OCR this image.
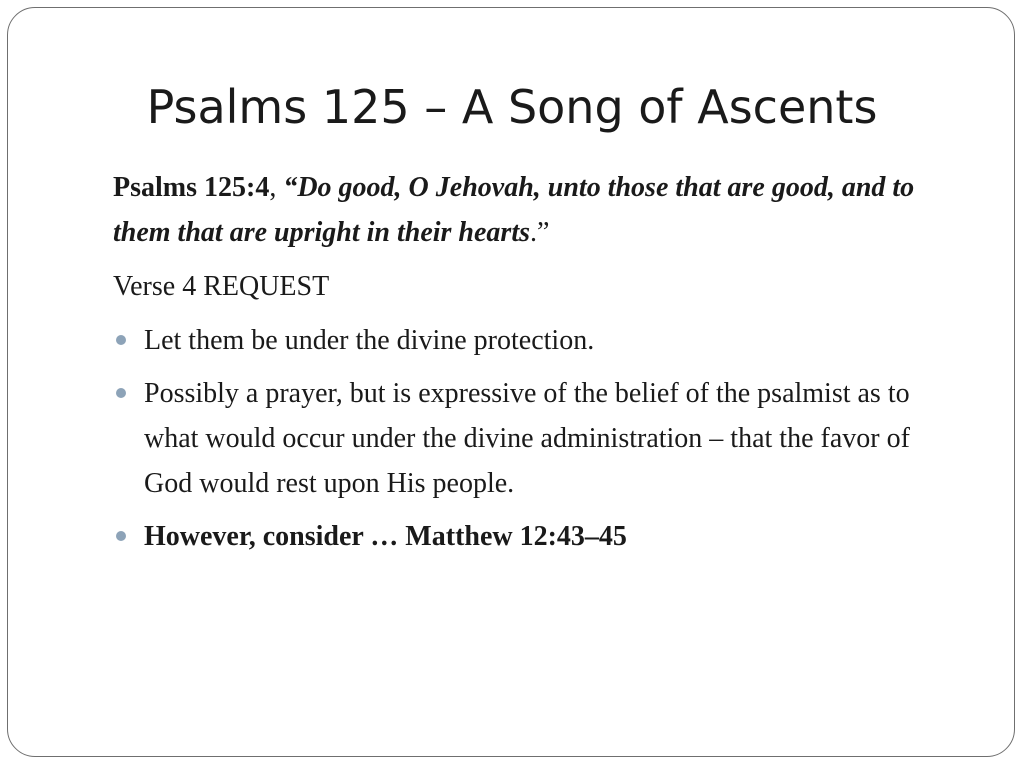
Psalms 125 – A Song of Ascents

Psalms 125:4, “Do good, O Jehovah, unto those that are good, and to them that are upright in their hearts.”

Verse 4 REQUEST

Let them be under the divine protection.
Possibly a prayer, but is expressive of the belief of the psalmist as to what would occur under the divine administration – that the favor of God would rest upon His people.
However, consider … Matthew 12:43–45
